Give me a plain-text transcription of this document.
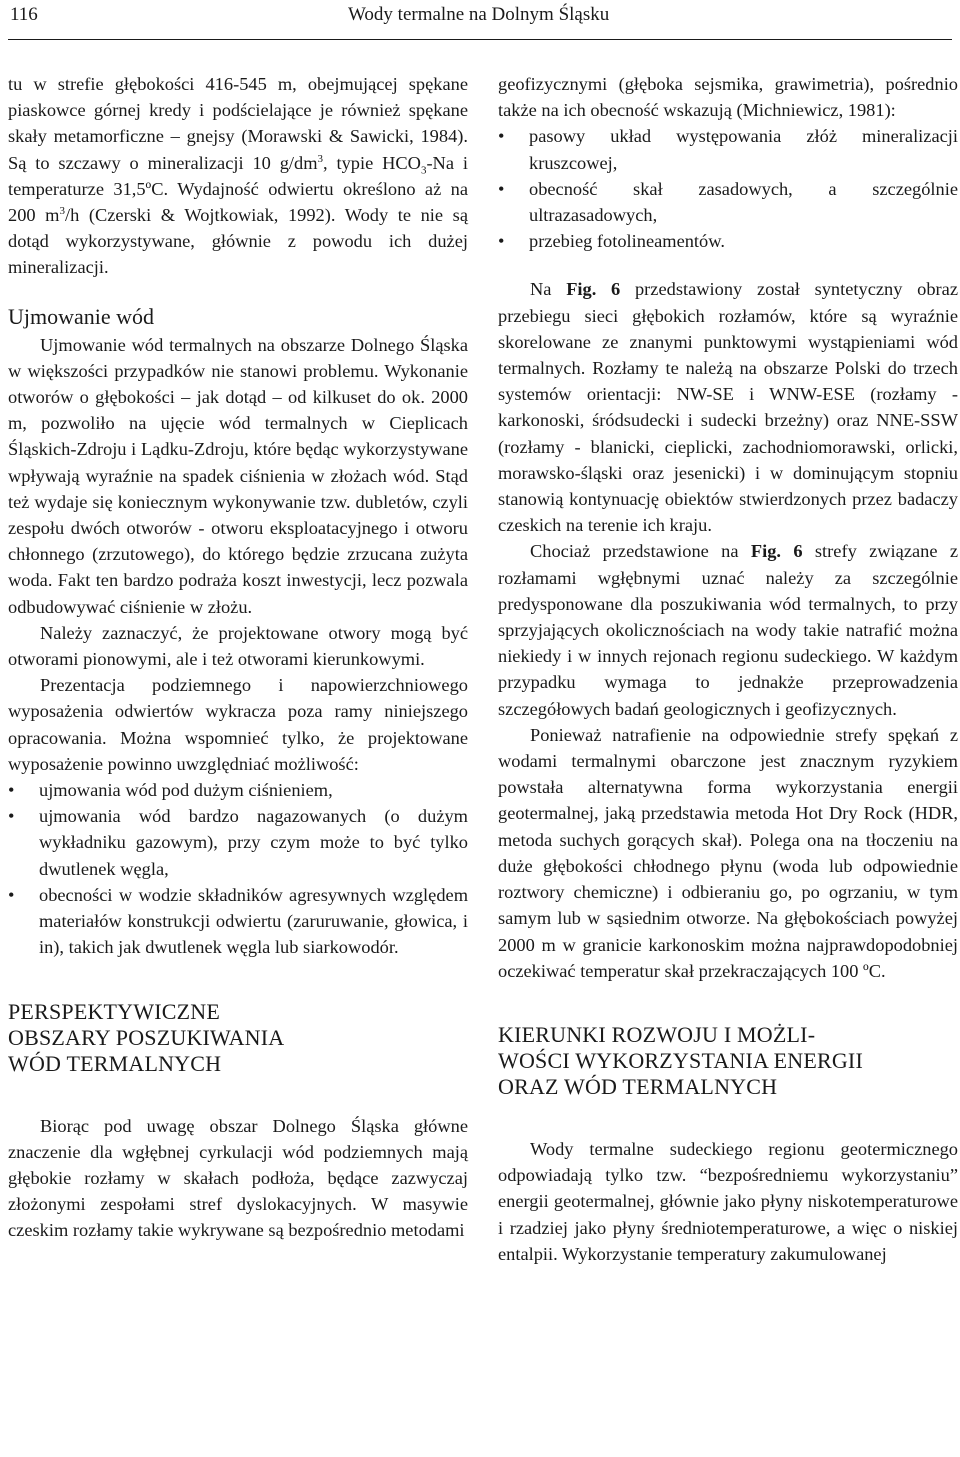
116	Wody termalne na Dolnym Śląsku

tu w strefie głębokości 416-545 m, obejmującej spękane piaskowce górnej kredy i podścielające je również spękane skały metamorficzne – gnejsy (Morawski & Sawicki, 1984). Są to szczawy o mineralizacji 10 $g/dm^3$, typie $HCO_3-Na$ i temperaturze 31,5ºC. Wydajność odwiertu określono aż na 200 $m^3/h$ (Czerski & Wojtkowiak, 1992). Wody te nie są dotąd wykorzystywane, głównie z powodu ich dużej mineralizacji.

Ujmowanie wód

Ujmowanie wód termalnych na obszarze Dolnego Śląska w większości przypadków nie stanowi problemu. Wykonanie otworów o głębokości – jak dotąd – od kilkuset do ok. 2000 m, pozwoliło na ujęcie wód termalnych w Cieplicach Śląskich-Zdroju i Lądku-Zdroju, które będąc wykorzystywane wpływają wyraźnie na spadek ciśnienia w złożach wód. Stąd też wydaje się koniecznym wykonywanie tzw. dubletów, czyli zespołu dwóch otworów - otworu eksploatacyjnego i otworu chłonnego (zrzutowego), do którego będzie zrzucana zużyta woda. Fakt ten bardzo podraża koszt inwestycji, lecz pozwala odbudowywać ciśnienie w złożu.

Należy zaznaczyć, że projektowane otwory mogą być otworami pionowymi, ale i też otworami kierunkowymi.

Prezentacja podziemnego i napowierzchniowego wyposażenia odwiertów wykracza poza ramy niniejszego opracowania. Można wspomnieć tylko, że projektowane wyposażenie powinno uwzględniać możliwość:

• ujmowania wód pod dużym ciśnieniem,
• ujmowania wód bardzo nagazowanych (o dużym wykładniku gazowym), przy czym może to być tylko dwutlenek węgla,
• obecności w wodzie składników agresywnych względem materiałów konstrukcji odwiertu (zaruruwanie, głowica, i in), takich jak dwutlenek węgla lub siarkowodór.
PERSPEKTYWICZNE
OBSZARY POSZUKIWANIA
WÓD TERMALNYCH

Biorąc pod uwagę obszar Dolnego Śląska główne znaczenie dla wgłębnej cyrkulacji wód podziemnych mają głębokie rozłamy w skałach podłoża, będące zazwyczaj złożonymi zespołami stref dyslokacyjnych. W masywie czeskim rozłamy takie wykrywane są bezpośrednio metodami

geofizycznymi (głęboka sejsmika, grawimetria), pośrednio także na ich obecność wskazują (Michniewicz, 1981):

• pasowy układ występowania złóż mineralizacji kruszcowej,
• obecność skał zasadowych, a szczególnie ultrazasadowych,
• przebieg fotolineamentów.

Na Fig. 6 przedstawiony został syntetyczny obraz przebiegu sieci głębokich rozłamów, które są wyraźnie skorelowane ze znanymi punktowymi wystąpieniami wód termalnych. Rozłamy te należą na obszarze Polski do trzech systemów orientacji: NW-SE i WNW-ESE (rozłamy - karkonoski, śródsudecki i sudecki brzeżny) oraz NNE-SSW (rozłamy - blanicki, cieplicki, zachodniomorawski, orlicki, morawsko-śląski oraz jesenicki) i w dominującym stopniu stanowią kontynuację obiektów stwierdzonych przez badaczy czeskich na terenie ich kraju.

Chociaż przedstawione na Fig. 6 strefy związane z rozłamami wgłębnymi uznać należy za szczególnie predysponowane dla poszukiwania wód termalnych, to przy sprzyjających okolicznościach na wody takie natrafić można niekiedy i w innych rejonach regionu sudeckiego. W każdym przypadku wymaga to jednakże przeprowadzenia szczegółowych badań geologicznych i geofizycznych.

Ponieważ natrafienie na odpowiednie strefy spękań z wodami termalnymi obarczone jest znacznym ryzykiem powstała alternatywna forma wykorzystania energii geotermalnej, jaką przedstawia metoda Hot Dry Rock (HDR, metoda suchych gorących skał). Polega ona na tłoczeniu na duże głębokości chłodnego płynu (woda lub odpowiednie roztwory chemiczne) i odbieraniu go, po ogrzaniu, w tym samym lub w sąsiednim otworze. Na głębokościach powyżej 2000 m w granicie karkonoskim można najprawdopodobniej oczekiwać temperatur skał przekraczających 100 ºC.

KIERUNKI ROZWOJU I MOŻLI-
WOŚCI WYKORZYSTANIA ENERGII
ORAZ WÓD TERMALNYCH

Wody termalne sudeckiego regionu geotermicznego odpowiadają tylko tzw. “bezpośredniemu wykorzystaniu” energii geotermalnej, głównie jako płyny niskotemperaturowe i rzadziej jako płyny średniotemperaturowe, a więc o niskiej entalpii. Wykorzystanie temperatury zakumulowanej
